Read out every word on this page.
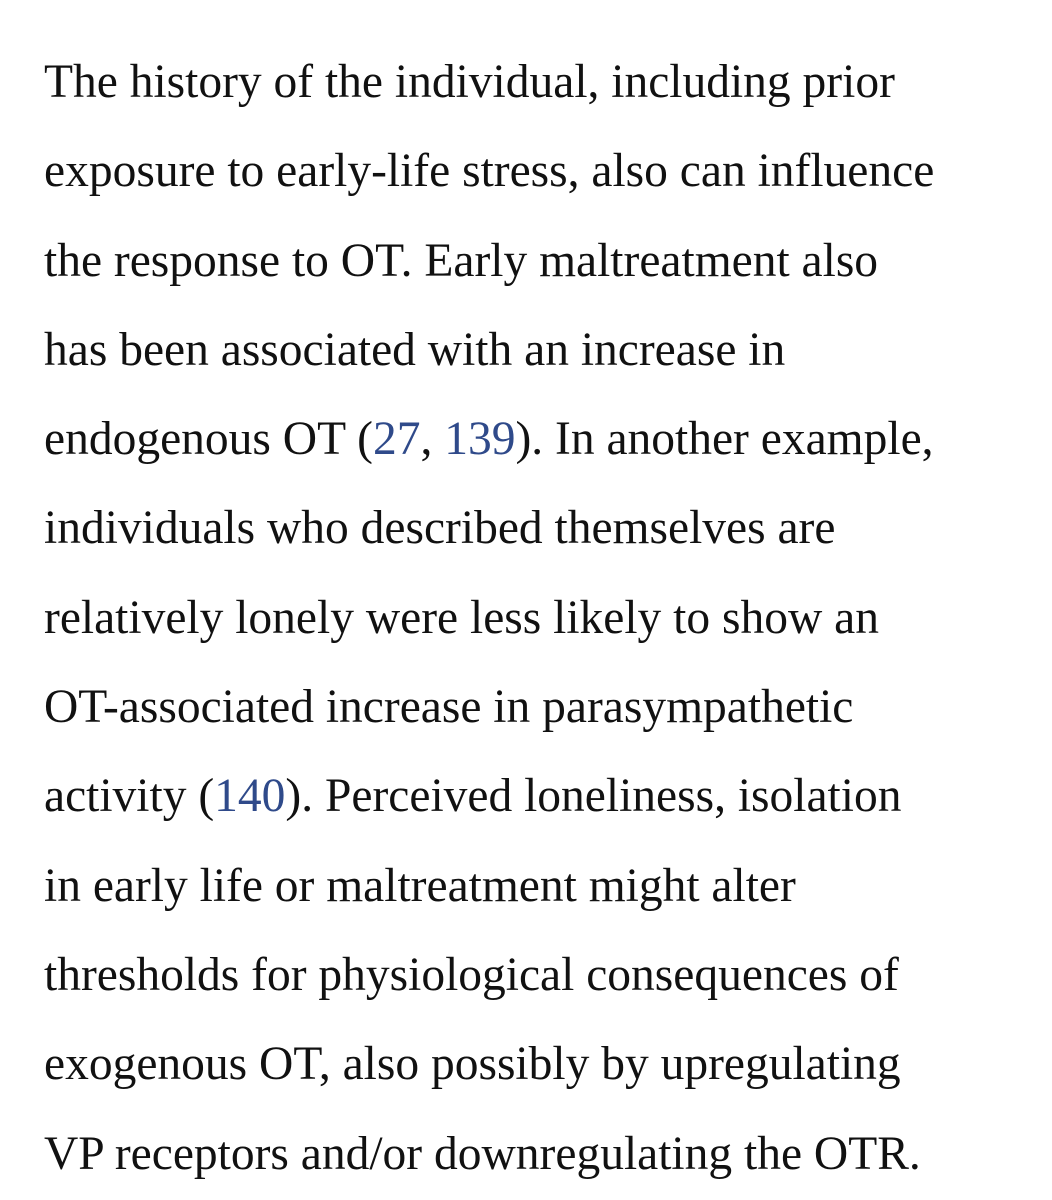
The history of the individual, including prior
exposure to early-life stress, also can influence
the response to OT. Early maltreatment also
has been associated with an increase in
endogenous OT (27, 139). In another example,
individuals who described themselves are
relatively lonely were less likely to show an
OT-associated increase in parasympathetic
activity (140). Perceived loneliness, isolation
in early life or maltreatment might alter
thresholds for physiological consequences of
exogenous OT, also possibly by upregulating
VP receptors and/or downregulating the OTR.
